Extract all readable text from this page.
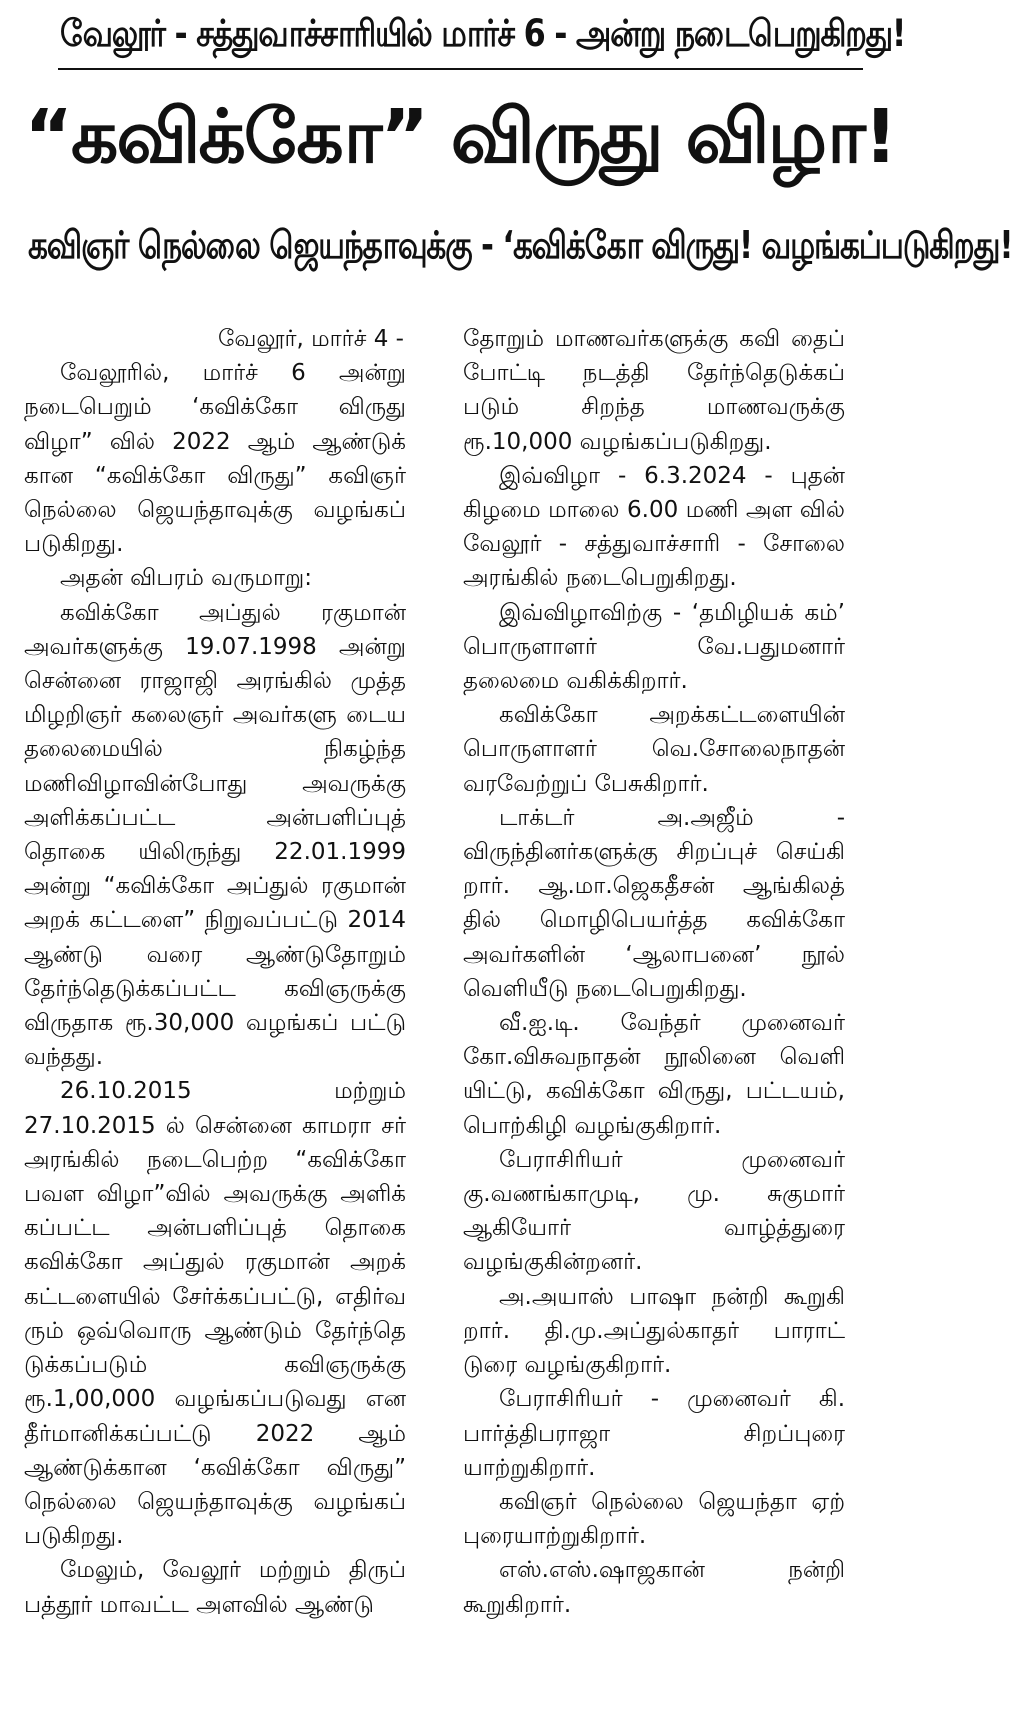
வேலூர் - சத்துவாச்சாரியில் மார்ச் 6 - அன்று நடைபெறுகிறது!
“கவிக்கோ” விருது விழா!
கவிஞர் நெல்லை ஜெயந்தாவுக்கு - ‘கவிக்கோ விருது! வழங்கப்படுகிறது!

வேலூர், மார்ச் 4 -

வேலூரில், மார்ச் 6 அன்று நடைபெறும் ‘கவிக்கோ விருது விழா” வில் 2022 ஆம் ஆண்டுக் கான “கவிக்கோ விருது” கவிஞர் நெல்லை ஜெயந்தாவுக்கு வழங்கப் படுகிறது.

அதன் விபரம் வருமாறு:

கவிக்கோ அப்துல் ரகுமான் அவர்களுக்கு 19.07.1998 அன்று சென்னை ராஜாஜி அரங்கில் முத்த மிழறிஞர் கலைஞர் அவர்களு டைய தலைமையில் நிகழ்ந்த மணிவிழாவின்போது அவருக்கு அளிக்கப்பட்ட அன்பளிப்புத் தொகை யிலிருந்து 22.01.1999 அன்று “கவிக்கோ அப்துல் ரகுமான் அறக் கட்டளை” நிறுவப்பட்டு 2014 ஆண்டு வரை ஆண்டுதோறும் தேர்ந்தெடுக்கப்பட்ட கவிஞருக்கு விருதாக ரூ.30,000 வழங்கப் பட்டு வந்தது.

26.10.2015 மற்றும் 27.10.2015 ல் சென்னை காமரா சர் அரங்கில் நடைபெற்ற “கவிக்கோ பவள விழா”வில் அவருக்கு அளிக் கப்பட்ட அன்பளிப்புத் தொகை கவிக்கோ அப்துல் ரகுமான் அறக் கட்டளையில் சேர்க்கப்பட்டு, எதிர்வ ரும் ஒவ்வொரு ஆண்டும் தேர்ந்தெ டுக்கப்படும் கவிஞருக்கு ரூ.1,00,000 வழங்கப்படுவது என தீர்மானிக்கப்பட்டு 2022 ஆம் ஆண்டுக்கான ‘கவிக்கோ விருது” நெல்லை ஜெயந்தாவுக்கு வழங்கப் படுகிறது.

மேலும், வேலூர் மற்றும் திருப் பத்தூர் மாவட்ட அளவில் ஆண்டு

தோறும் மாணவர்களுக்கு கவி தைப் போட்டி நடத்தி தேர்ந்தெடுக்கப் படும் சிறந்த மாணவருக்கு ரூ.10,000 வழங்கப்படுகிறது.

இவ்விழா - 6.3.2024 - புதன் கிழமை மாலை 6.00 மணி அள வில் வேலூர் - சத்துவாச்சாரி - சோலை அரங்கில் நடைபெறுகிறது.

இவ்விழாவிற்கு - ‘தமிழியக் கம்’ பொருளாளர் வே.பதுமனார் தலைமை வகிக்கிறார்.

கவிக்கோ அறக்கட்டளையின் பொருளாளர் வெ.சோலைநாதன் வரவேற்றுப் பேசுகிறார்.

டாக்டர் அ.அஜீம் - விருந்தினர்களுக்கு சிறப்புச் செய்கி றார். ஆ.மா.ஜெகதீசன் ஆங்கிலத் தில் மொழிபெயர்த்த கவிக்கோ அவர்களின் ‘ஆலாபனை’ நூல் வெளியீடு நடைபெறுகிறது.

வீ.ஐ.டி. வேந்தர் முனைவர் கோ.விசுவநாதன் நூலினை வெளி யிட்டு, கவிக்கோ விருது, பட்டயம், பொற்கிழி வழங்குகிறார்.

பேராசிரியர் முனைவர் கு.வணங்காமுடி, மு. சுகுமார் ஆகியோர் வாழ்த்துரை வழங்குகின்றனர்.

அ.அயாஸ் பாஷா நன்றி கூறுகி றார். தி.மு.அப்துல்காதர் பாராட் டுரை வழங்குகிறார்.

பேராசிரியர் - முனைவர் கி. பார்த்திபராஜா சிறப்புரை யாற்றுகிறார்.

கவிஞர் நெல்லை ஜெயந்தா ஏற் புரையாற்றுகிறார்.

எஸ்.எஸ்.ஷாஜகான் நன்றி கூறுகிறார்.
